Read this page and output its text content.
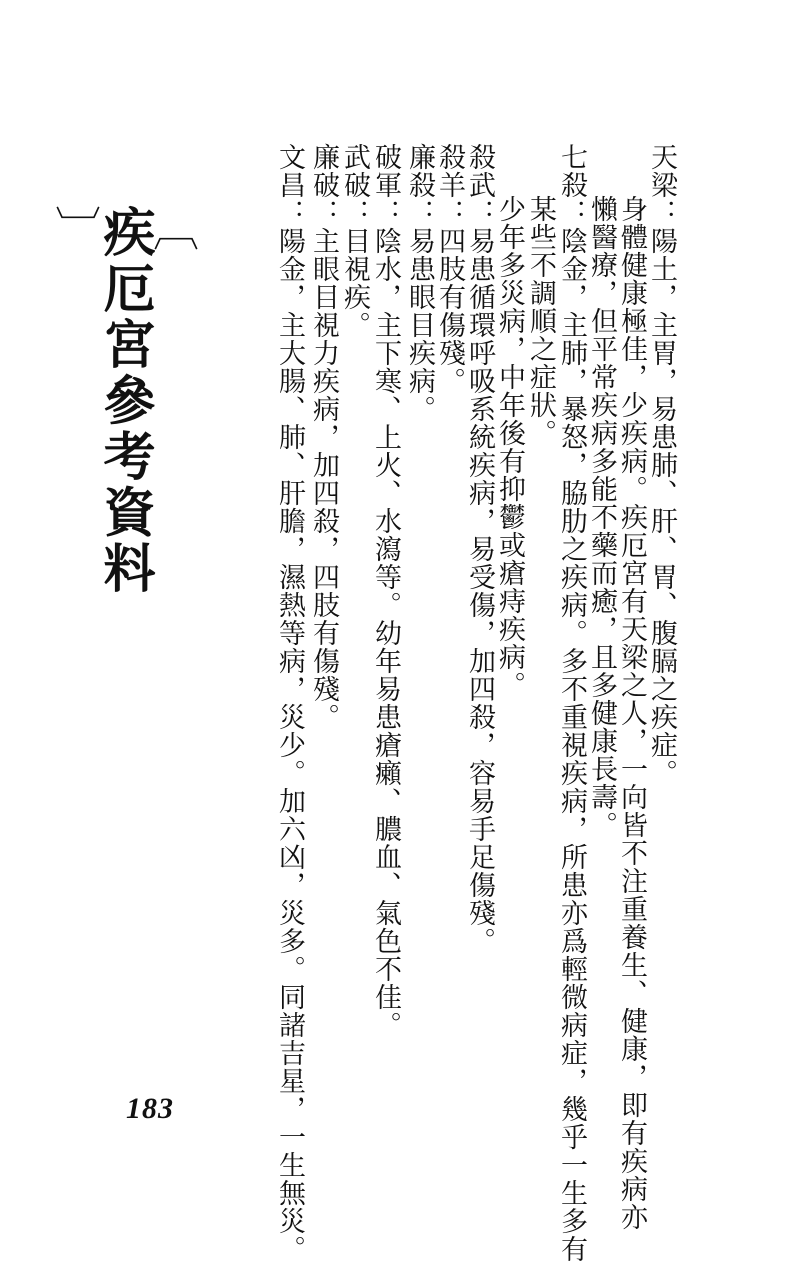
天梁：陽土，主胃，易患肺、肝、胃、腹膈之疾症。
身體健康極佳，少疾病。疾厄宮有天梁之人，一向皆不注重養生、健康，即有疾病亦
懶醫療，但平常疾病多能不藥而癒，且多健康長壽。
七殺：陰金，主肺，暴怒，脇肋之疾病。多不重視疾病，所患亦爲輕微病症，幾乎一生多有
某些不調順之症狀。
少年多災病，中年後有抑鬱或瘡痔疾病。
殺武：易患循環呼吸系統疾病，易受傷，加四殺，容易手足傷殘。
殺羊：四肢有傷殘。
廉殺：易患眼目疾病。
破軍：陰水，主下寒、上火、水瀉等。幼年易患瘡癩、膿血、氣色不佳。
武破：目視疾。
廉破：主眼目視力疾病，加四殺，四肢有傷殘。
文昌：陽金，主大腸、肺、肝膽，濕熱等病，災少。加六凶，災多。同諸吉星，一生無災。
〔
疾厄宮參考資料
〕
183
